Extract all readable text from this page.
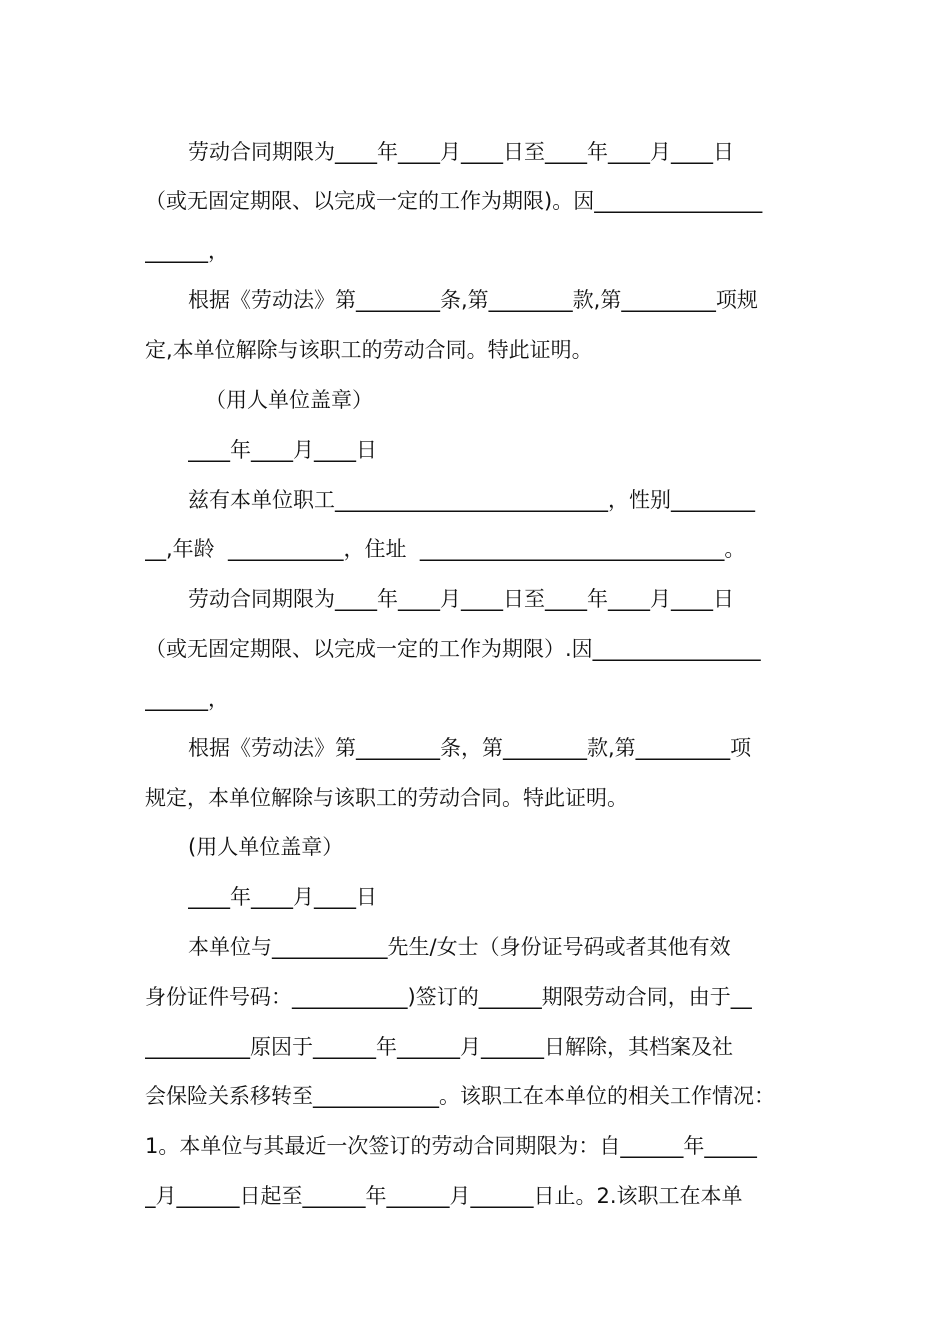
劳动合同期限为____年____月____日至____年____月____日
（或无固定期限、以完成一定的工作为期限)。因________________
______，
根据《劳动法》第________条,第________款,第_________项规
定,本单位解除与该职工的劳动合同。特此证明。
（用人单位盖章）
____年____月____日
兹有本单位职工__________________________，性别________
__,年龄  ___________，住址  _____________________________。
劳动合同期限为____年____月____日至____年____月____日
（或无固定期限、以完成一定的工作为期限）.因________________
______，
根据《劳动法》第________条，第________款,第_________项
规定，本单位解除与该职工的劳动合同。特此证明。
(用人单位盖章）
____年____月____日
本单位与___________先生/女士（身份证号码或者其他有效
身份证件号码：___________)签订的______期限劳动合同，由于__
__________原因于______年______月______日解除，其档案及社
会保险关系移转至____________。该职工在本单位的相关工作情况：
1。本单位与其最近一次签订的劳动合同期限为：自______年_____
_月______日起至______年______月______日止。2.该职工在本单
